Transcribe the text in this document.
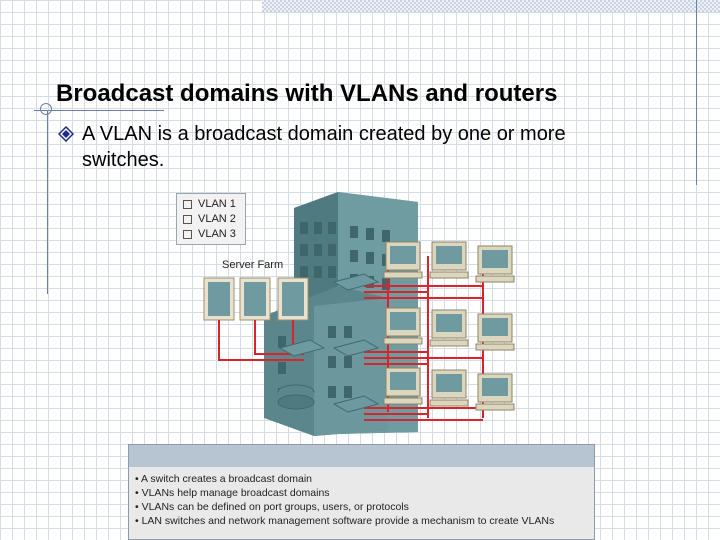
Broadcast domains with VLANs and routers
A VLAN is a broadcast domain created by one or more switches.
VLAN 1
VLAN 2
VLAN 3
Server Farm
• A switch creates a broadcast domain
• VLANs help manage broadcast domains
• VLANs can be defined on port groups, users, or protocols
• LAN switches and network management software provide a mechanism to create VLANs
